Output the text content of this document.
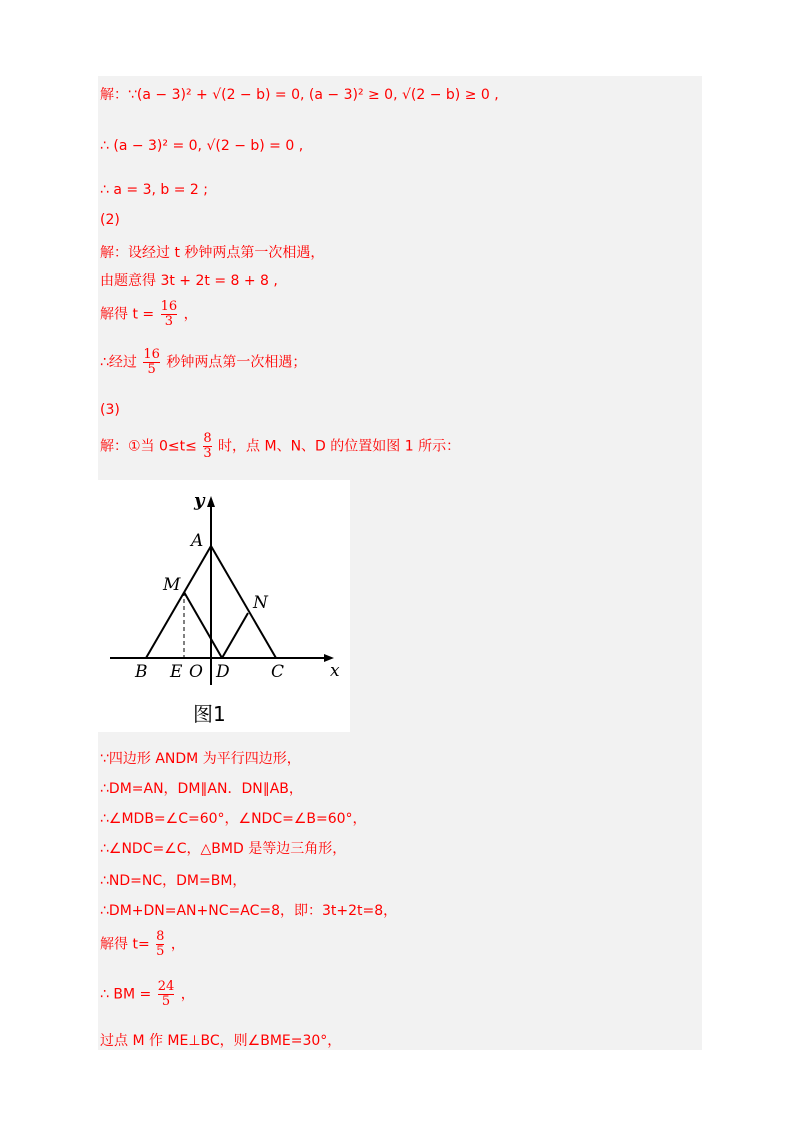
解：∵(a − 3)² + √(2 − b) = 0, (a − 3)² ≥ 0, √(2 − b) ≥ 0 ,
∴ (a − 3)² = 0, √(2 − b) = 0 ,
∴ a = 3, b = 2 ;
(2)
解：设经过 t 秒钟两点第一次相遇，
由题意得 3t + 2t = 8 + 8 ,
解得 $t = \frac{16}{3}$ ，
∴经过 $\frac{16}{5}$ 秒钟两点第一次相遇；
(3)
解：①当 $0\le t\le \frac{8}{3}$ 时，点 M、N、D 的位置如图 1 所示：
y
x
A
M
N
B E O D C
图1
∵四边形 ANDM 为平行四边形，
∴DM=AN，DM∥AN．DN∥AB，
∴∠MDB=∠C=60°，∠NDC=∠B=60°，
∴∠NDC=∠C，△BMD 是等边三角形，
∴ND=NC，DM=BM，
∴DM+DN=AN+NC=AC=8，即：3t+2t=8，
解得 $t= \frac{8}{5}$ ，
∴ BM = $\frac{24}{5}$ ，
过点 M 作 ME⊥BC，则∠BME=30°，
